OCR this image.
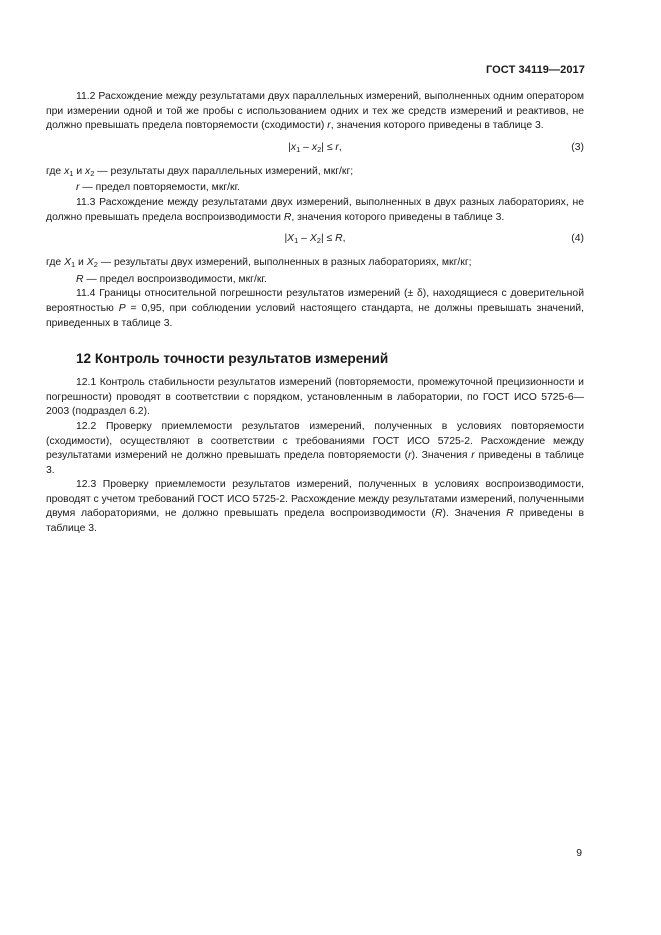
ГОСТ 34119—2017

11.2 Расхождение между результатами двух параллельных измерений, выполненных одним оператором при измерении одной и той же пробы с использованием одних и тех же средств измерений и реактивов, не должно превышать предела повторяемости (сходимости) r, значения которого приведены в таблице 3.

|x1 – x2| ≤ r,	(3)

где x1 и x2 — результаты двух параллельных измерений, мкг/кг;

r — предел повторяемости, мкг/кг.

11.3 Расхождение между результатами двух измерений, выполненных в двух разных лабораториях, не должно превышать предела воспроизводимости R, значения которого приведены в таблице 3.

|X1 – X2| ≤ R,	(4)

где X1 и X2 — результаты двух измерений, выполненных в разных лабораториях, мкг/кг;

R — предел воспроизводимости, мкг/кг.

11.4 Границы относительной погрешности результатов измерений (± δ), находящиеся с доверительной вероятностью P = 0,95, при соблюдении условий настоящего стандарта, не должны превышать значений, приведенных в таблице 3.

12 Контроль точности результатов измерений

12.1 Контроль стабильности результатов измерений (повторяемости, промежуточной прецизионности и погрешности) проводят в соответствии с порядком, установленным в лаборатории, по ГОСТ ИСО 5725-6—2003 (подраздел 6.2).

12.2 Проверку приемлемости результатов измерений, полученных в условиях повторяемости (сходимости), осуществляют в соответствии с требованиями ГОСТ ИСО 5725-2. Расхождение между результатами измерений не должно превышать предела повторяемости (r). Значения r приведены в таблице 3.

12.3 Проверку приемлемости результатов измерений, полученных в условиях воспроизводимости, проводят с учетом требований ГОСТ ИСО 5725-2. Расхождение между результатами измерений, полученными двумя лабораториями, не должно превышать предела воспроизводимости (R). Значения R приведены в таблице 3.

9
